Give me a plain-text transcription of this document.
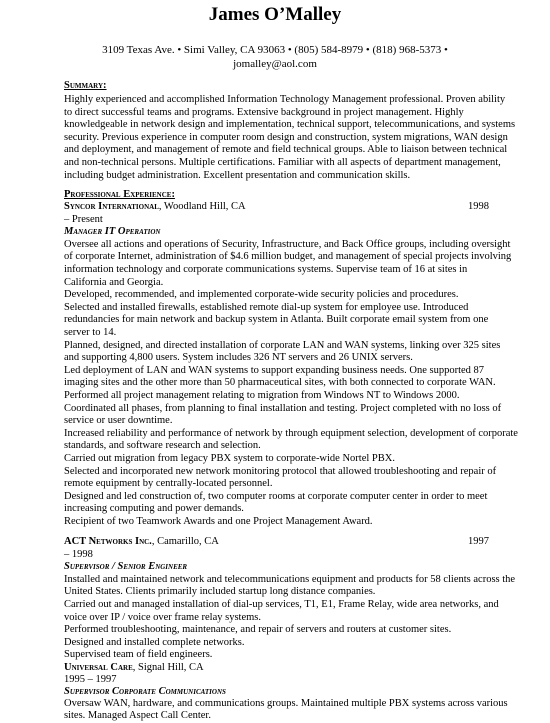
James O’Malley
3109 Texas Ave. • Simi Valley, CA 93063 • (805) 584-8979 • (818) 968-5373 •
jomalley@aol.com
Summary:
Highly experienced and accomplished Information Technology Management professional. Proven ability
to direct successful teams and programs. Extensive background in project management. Highly
knowledgeable in network design and implementation, technical support, telecommunications, and systems
security. Previous experience in computer room design and construction, system migrations, WAN design
and deployment, and management of remote and field technical groups. Able to liaison between technical
and non-technical persons. Multiple certifications. Familiar with all aspects of department management,
including budget administration. Excellent presentation and communication skills.
Professional Experience:
Syncor International, Woodland Hill, CA	1998
– Present
Manager IT Operation
Oversee all actions and operations of Security, Infrastructure, and Back Office groups, including oversight
of corporate Internet, administration of $4.6 million budget, and management of special projects involving
information technology and corporate communications systems. Supervise team of 16 at sites in
California and Georgia.
Developed, recommended, and implemented corporate-wide security policies and procedures.
Selected and installed firewalls, established remote dial-up system for employee use. Introduced
redundancies for main network and backup system in Atlanta. Built corporate email system from one
server to 14.
Planned, designed, and directed installation of corporate LAN and WAN systems, linking over 325 sites
and supporting 4,800 users. System includes 326 NT servers and 26 UNIX servers.
Led deployment of LAN and WAN systems to support expanding business needs. One supported 87
imaging sites and the other more than 50 pharmaceutical sites, with both connected to corporate WAN.
Performed all project management relating to migration from Windows NT to Windows 2000.
Coordinated all phases, from planning to final installation and testing. Project completed with no loss of
service or user downtime.
Increased reliability and performance of network by through equipment selection, development of corporate
standards, and software research and selection.
Carried out migration from legacy PBX system to corporate-wide Nortel PBX.
Selected and incorporated new network monitoring protocol that allowed troubleshooting and repair of
remote equipment by centrally-located personnel.
Designed and led construction of, two computer rooms at corporate computer center in order to meet
increasing computing and power demands.
Recipient of two Teamwork Awards and one Project Management Award.
ACT Networks Inc., Camarillo, CA	1997
– 1998
Supervisor / Senior Engineer
Installed and maintained network and telecommunications equipment and products for 58 clients across the
United States. Clients primarily included startup long distance companies.
Carried out and managed installation of dial-up services, T1, E1, Frame Relay, wide area networks, and
voice over IP / voice over frame relay systems.
Performed troubleshooting, maintenance, and repair of servers and routers at customer sites.
Designed and installed complete networks.
Supervised team of field engineers.
Universal Care, Signal Hill, CA
1995 – 1997
Supervisor Corporate Communications
Oversaw WAN, hardware, and communications groups. Maintained multiple PBX systems across various
sites. Managed Aspect Call Center.
